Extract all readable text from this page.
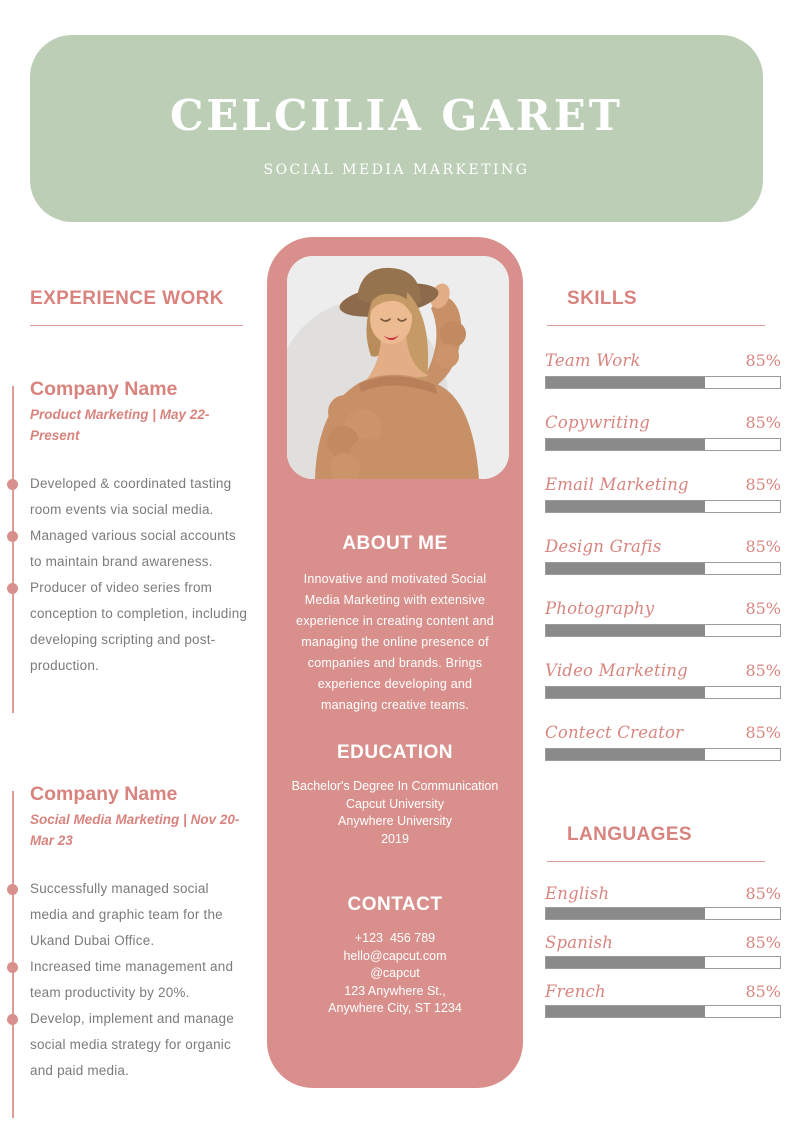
CELCILIA GARET
SOCIAL MEDIA MARKETING
EXPERIENCE WORK
Company Name
Product Marketing | May 22-Present
Developed & coordinated tasting room events via social media.
Managed various social accounts to maintain brand awareness.
Producer of video series from conception to completion, including developing scripting and post-production.
Company Name
Social Media Marketing | Nov 20-Mar 23
Successfully managed social media and graphic team for the Ukand Dubai Office.
Increased time management and team productivity by 20%.
Develop, implement and manage social media strategy for organic and paid media.
ABOUT ME
Innovative and motivated Social Media Marketing with extensive experience in creating content and managing the online presence of companies and brands. Brings experience developing and managing creative teams.
EDUCATION
Bachelor's Degree In Communication
Capcut University
Anywhere University
2019
CONTACT
+123  456 789
hello@capcut.com
@capcut
123 Anywhere St.,
Anywhere City, ST 1234
SKILLS
Team Work	85%
Copywriting	85%
Email Marketing	85%
Design Grafis	85%
Photography	85%
Video Marketing	85%
Contect Creator	85%
LANGUAGES
English	85%
Spanish	85%
French	85%
